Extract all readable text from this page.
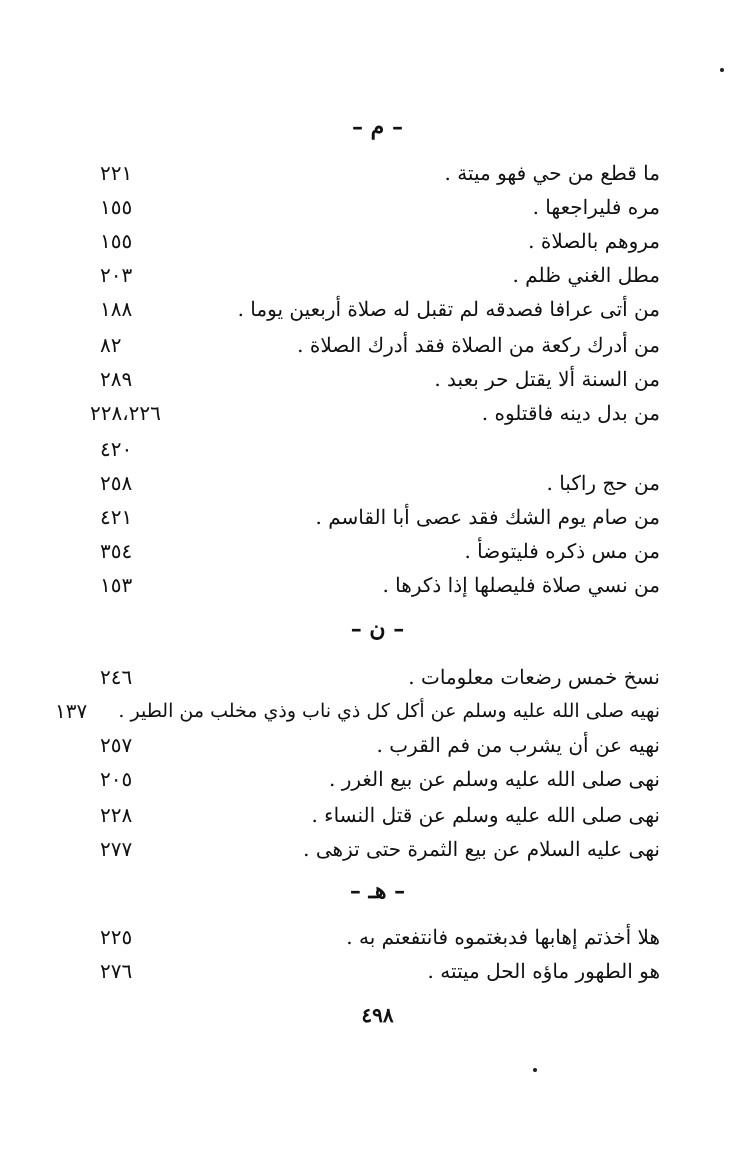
– م –
ما قطع من حي فهو ميتة .
٢٢١
مره فليراجعها .
١٥٥
مروهم بالصلاة .
١٥٥
مطل الغني ظلم .
٢٠٣
من أتى عرافا فصدقه لم تقبل له صلاة أربعين يوما .
١٨٨
من أدرك ركعة من الصلاة فقد أدرك الصلاة .
٨٢
من السنة ألا يقتل حر بعبد .
٢٨٩
من بدل دينه فاقتلوه .
٢٢٨،٢٢٦
٤٢٠
من حج راكبا .
٢٥٨
من صام يوم الشك فقد عصى أبا القاسم .
٤٢١
من مس ذكره فليتوضأ .
٣٥٤
من نسي صلاة فليصلها إذا ذكرها .
١٥٣
– ن –
نسخ خمس رضعات معلومات .
٢٤٦
نهيه صلى الله عليه وسلم عن أكل كل ذي ناب وذي مخلب من الطير .
١٣٧
نهيه عن أن يشرب من فم القرب .
٢٥٧
نهى صلى الله عليه وسلم عن بيع الغرر .
٢٠٥
نهى صلى الله عليه وسلم عن قتل النساء .
٢٢٨
نهى عليه السلام عن بيع الثمرة حتى تزهى .
٢٧٧
– هـ –
هلا أخذتم إهابها فدبغتموه فانتفعتم به .
٢٢٥
هو الطهور ماؤه الحل ميتته .
٢٧٦
٤٩٨
